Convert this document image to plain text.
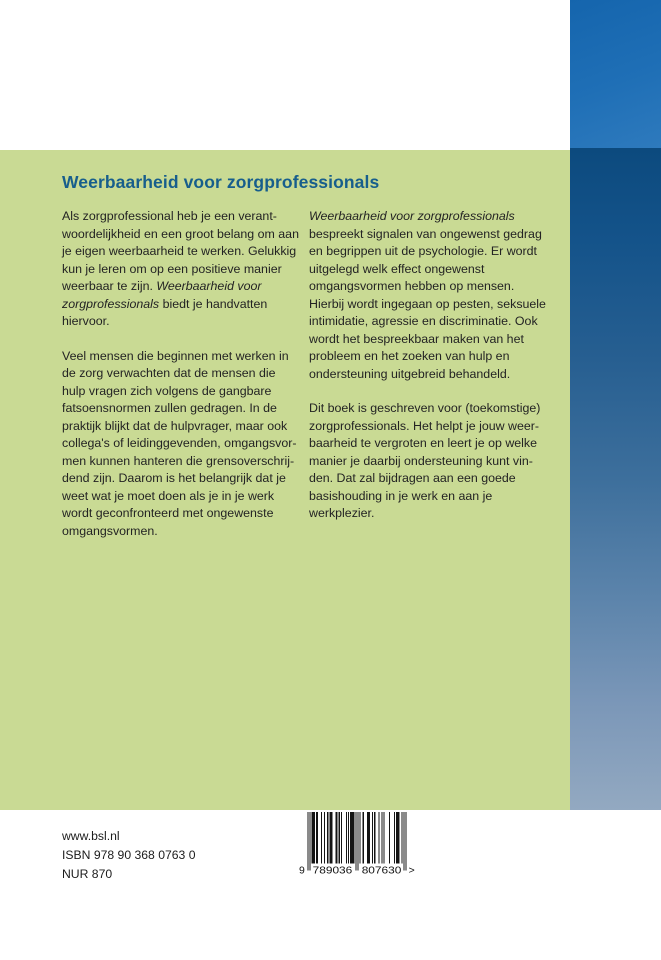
Weerbaarheid voor zorgprofessionals

Als zorgprofessional heb je een verantwoordelijkheid en een groot belang om aan je eigen weerbaarheid te werken. Gelukkig kun je leren om op een positieve manier weerbaar te zijn. Weerbaarheid voor zorgprofessionals biedt je handvatten hiervoor.

Veel mensen die beginnen met werken in de zorg verwachten dat de mensen die hulp vragen zich volgens de gangbare fatsoensnormen zullen gedragen. In de praktijk blijkt dat de hulpvrager, maar ook collega's of leidinggevenden, omgangsvormen kunnen hanteren die grensoverschrijdend zijn. Daarom is het belangrijk dat je weet wat je moet doen als je in je werk wordt geconfronteerd met ongewenste omgangsvormen.

Weerbaarheid voor zorgprofessionals bespreekt signalen van ongewenst gedrag en begrippen uit de psychologie. Er wordt uitgelegd welk effect ongewenst omgangsvormen hebben op mensen. Hierbij wordt ingegaan op pesten, seksuele intimidatie, agressie en discriminatie. Ook wordt het bespreekbaar maken van het probleem en het zoeken van hulp en ondersteuning uitgebreid behandeld.

Dit boek is geschreven voor (toekomstige) zorgprofessionals. Het helpt je jouw weerbaarheid te vergroten en leert je op welke manier je daarbij ondersteuning kunt vinden. Dat zal bijdragen aan een goede basishouding in je werk en aan je werkplezier.

www.bsl.nl
ISBN 978 90 368 0763 0
NUR 870	9 789036 807630 >
